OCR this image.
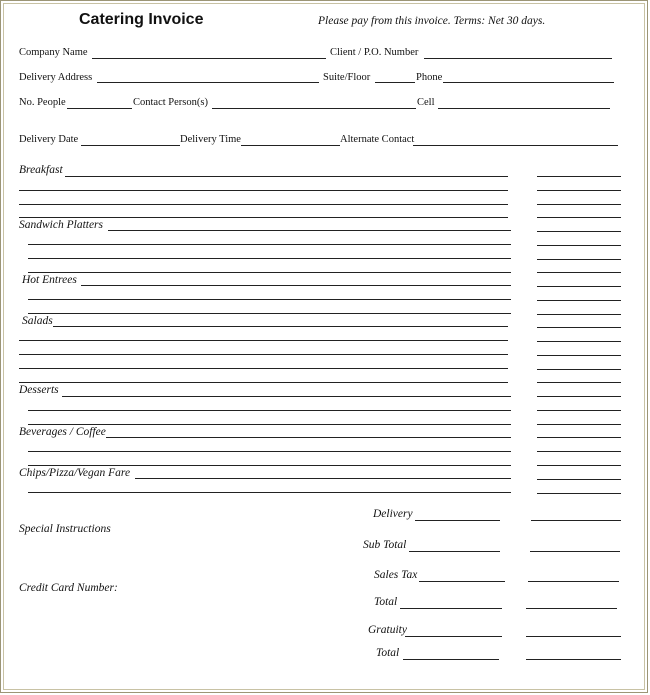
Catering Invoice	Please pay from this invoice. Terms: Net 30 days.
Company Name	Client / P.O. Number
Delivery Address	Suite/Floor	Phone
No. People	Contact Person(s)	Cell
Delivery Date	Delivery Time	Alternate Contact
Breakfast
Sandwich Platters
Hot Entrees
Salads
Desserts
Beverages / Coffee
Chips/Pizza/Vegan Fare
Special Instructions
Credit Card Number:
Delivery
Sub Total
Sales Tax
Total
Gratuity
Total
